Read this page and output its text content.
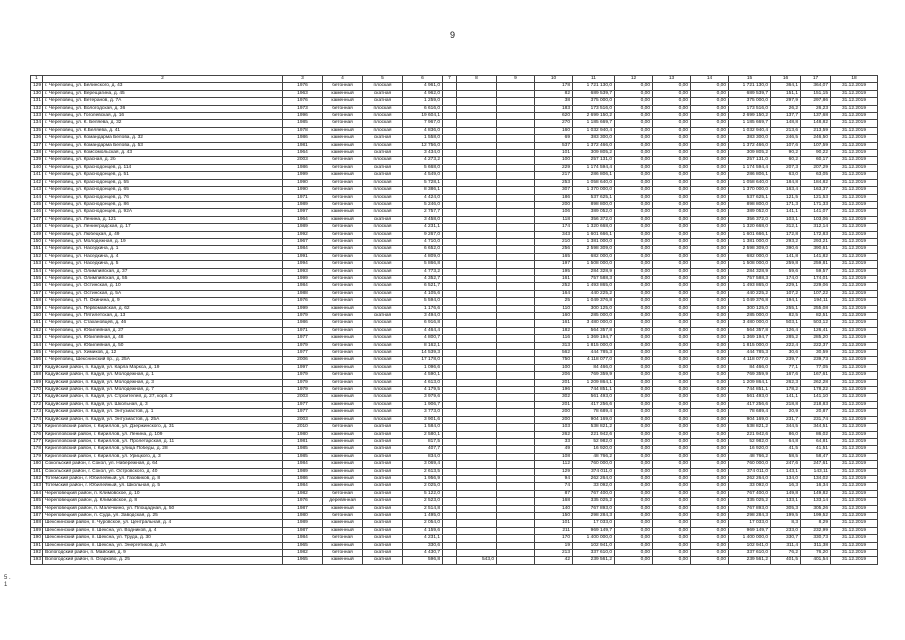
9
1	2	3	4	5	6	7	8	9	10	11	12	13	14	15	16	17	18
129	г. Череповец, ул. Белинского, д. 43	1976	бетонная	плоская	4 961,0				178	1 721 130,0	0,00	0,00	0,00	1 721 130,0	364,1	364,07	31.12.2019
130	г. Череповец, ул. Верещагина, д. 45	1963	каменный	скатная	4 962,0				82	689 539,7	0,00	0,00	0,00	689 539,7	151,1	151,15	31.12.2019
131	г. Череповец, ул. Ветеранов, д. 7А	1976	каменный	скатная	1 259,0				38	375 000,0	0,00	0,00	0,00	375 000,0	297,9	297,86	31.12.2019
132	г. Череповец, ул. Вологодская, д. 36	1973	бетонная	плоская	6 616,0				183	173 516,0	0,00	0,00	0,00	173 516,0	26,2	26,23	31.12.2019
133	г. Череповец, ул. Гоголевская, д. 16	1996	бетонная	плоская	19 604,1				620	2 699 150,2	0,00	0,00	0,00	2 699 150,2	137,7	137,68	31.12.2019
134	г. Череповец, ул. К. Беляева, д. 32	1985	бетонная	плоская	7 967,0				270	1 185 669,7	0,00	0,00	0,00	1 185 669,7	148,8	148,82	31.12.2019
135	г. Череповец, ул. К.Беляева, д. 41	1978	каменный	плоская	4 836,0				160	1 032 940,4	0,00	0,00	0,00	1 032 940,4	213,6	213,59	31.12.2019
136	г. Череповец, ул. Командарма Белова, д. 32	1986	каменный	скатная	1 558,0				69	383 300,0	0,00	0,00	0,00	383 300,0	246,5	246,50	31.12.2019
137	г. Череповец, ул. Командарма Белова, д. 53	1981	каменный	плоская	12 756,0				537	1 372 466,0	0,00	0,00	0,00	1 372 466,0	107,6	107,59	31.12.2019
138	г. Череповец, ул. Комсомольская, д. 43	1964	каменный	скатная	3 434,0				101	309 805,2	0,00	0,00	0,00	309 805,2	90,2	90,22	31.12.2019
139	г. Череповец, ул. Красная, д. 2б	2003	бетонная	плоская	4 273,2				100	257 131,0	0,00	0,00	0,00	257 131,0	60,2	60,17	31.12.2019
140	г. Череповец, ул. Краснодонцев, д. 114	1986	бетонная	скатная	5 668,0				229	1 174 594,4	0,00	0,00	0,00	1 174 594,4	207,3	207,29	31.12.2019
141	г. Череповец, ул. Краснодонцев, д. 51	1999	каменный	скатная	4 549,0				217	286 806,1	0,00	0,00	0,00	286 806,1	63,0	63,05	31.12.2019
142	г. Череповец, ул. Краснодонцев, д. 55	1990	бетонная	плоская	5 728,1				253	1 058 640,0	0,00	0,00	0,00	1 058 640,0	184,8	184,82	31.12.2019
143	г. Череповец, ул. Краснодонцев, д. 65	1990	бетонная	плоская	8 386,1				307	1 370 000,0	0,00	0,00	0,00	1 370 000,0	163,4	163,37	31.12.2019
144	г. Череповец, ул. Краснодонцев, д. 76	1971	бетонная	плоская	4 424,0				186	537 625,1	0,00	0,00	0,00	537 625,1	121,5	121,53	31.12.2019
145	г. Череповец, ул. Краснодонцев, д. 86	1989	бетонная	плоская	5 246,0				200	898 800,0	0,00	0,00	0,00	898 800,0	171,3	171,33	31.12.2019
146	г. Череповец, ул. Краснодонцев, д. 92А	1997	каменный	плоская	2 757,7				106	389 052,0	0,00	0,00	0,00	389 052,0	141,1	141,07	31.12.2019
147	г. Череповец, ул. Ленина, д. 121	1964	каменный	скатная	3 458,0				118	356 372,0	0,00	0,00	0,00	356 372,0	103,1	103,06	31.12.2019
148	г. Череповец, ул. Ленинградская, д. 17	1989	бетонная	плоская	4 231,1				174	1 320 668,0	0,00	0,00	0,00	1 320 668,0	312,1	312,14	31.12.2019
149	г. Череповец, ул. Любецкая, д. 49	1992	бетонная	плоская	9 267,0				343	1 601 666,1	0,00	0,00	0,00	1 601 666,1	172,8	172,83	31.12.2019
150	г. Череповец, ул. Молодежная, д. 19	1967	бетонная	плоская	4 710,0				210	1 381 000,0	0,00	0,00	0,00	1 381 000,0	293,2	293,21	31.12.2019
151	г. Череповец, ул. Наседкина, д. 1	1984	бетонная	плоская	6 652,0				256	2 598 309,0	0,00	0,00	0,00	2 598 309,0	390,6	390,61	31.12.2019
152	г. Череповец, ул. Наседкина, д. 4	1991	бетонная	плоская	4 809,0				165	682 000,0	0,00	0,00	0,00	682 000,0	141,8	141,82	31.12.2019
153	г. Череповец, ул. Наседкина, д. 5	1994	бетонная	плоская	5 866,8				197	1 508 000,0	0,00	0,00	0,00	1 508 000,0	259,8	259,81	31.12.2019
154	г. Череповец, ул. Олимпийская, д. 37	1993	бетонная	плоская	4 773,2				195	284 328,9	0,00	0,00	0,00	284 328,9	59,6	59,57	31.12.2019
155	г. Череповец, ул. Олимпийская, д. 55	1999	бетонная	плоская	4 352,7				161	757 588,3	0,00	0,00	0,00	757 588,3	174,0	174,01	31.12.2019
156	г. Череповец, ул. Остинская, д. 10	1984	бетонная	плоская	6 521,7				252	1 493 865,0	0,00	0,00	0,00	1 493 865,0	229,1	229,06	31.12.2019
157	г. Череповец, ул. Остинская, д. 5А	1988	бетонная	плоская	4 105,6				164	440 225,2	0,00	0,00	0,00	440 225,2	107,2	107,22	31.12.2019
158	г. Череповец, ул. П. Окинина, д. 9	1976	бетонная	плоская	5 594,0				25	1 049 376,8	0,00	0,00	0,00	1 049 376,8	194,1	194,11	31.12.2019
159	г. Череповец, ул. Первомайская, д. 62	1999	каменный	плоская	1 176,6				110	300 125,0	0,00	0,00	0,00	300 125,0	255,1	255,08	31.12.2019
160	г. Череповец, ул. Пятилетская, д. 13	1979	бетонная	скатная	3 494,0				160	285 000,0	0,00	0,00	0,00	285 000,0	82,5	82,51	31.12.2019
161	г. Череповец, ул. Стахановцев, д. 46	1986	бетонная	плоская	6 916,8				161	3 480 000,0	0,00	0,00	0,00	3 480 000,0	503,1	503,12	31.12.2019
162	г. Череповец, ул. Юбилейная, д. 27	1971	бетонная	плоская	4 464,4				182	564 357,8	0,00	0,00	0,00	564 357,8	126,4	126,41	31.12.2019
163	г. Череповец, ул. Юбилейная, д. 48	1977	каменный	плоская	4 800,7				116	1 369 194,7	0,00	0,00	0,00	1 369 194,7	285,2	285,20	31.12.2019
164	г. Череповец, ул. Юбилейная, д. 50	1979	бетонная	плоская	8 162,1				313	1 815 000,0	0,00	0,00	0,00	1 815 000,0	222,4	222,37	31.12.2019
165	г. Череповец, ул. Химиков, д. 12	1977	бетонная	плоская	14 539,3				562	444 785,3	0,00	0,00	0,00	444 785,3	30,6	30,59	31.12.2019
166	г. Череповец, Шекснинский пр., д. 25А	2006	каменный	плоская	17 178,0				750	4 118 077,0	0,00	0,00	0,00	4 118 077,0	239,7	239,73	31.12.2019
167	Кадуйский район, п. Кадуй, ул. Карла Маркса, д. 19	1997	каменный	плоская	1 096,6				100	84 466,0	0,00	0,00	0,00	84 466,0	77,1	77,05	31.12.2019
168	Кадуйский район, п. Кадуй, ул. Молодежная, д. 1	1979	бетонная	плоская	4 590,1				206	769 359,9	0,00	0,00	0,00	769 359,9	167,6	167,61	31.12.2019
169	Кадуйский район, п. Кадуй, ул. Молодежная, д. 3	1979	бетонная	плоская	4 613,0				201	1 209 864,1	0,00	0,00	0,00	1 209 864,1	262,3	262,28	31.12.2019
170	Кадуйский район, п. Кадуй, ул. Молодежная, д. 7	1979	бетонная	плоская	4 179,5				196	744 851,1	0,00	0,00	0,00	744 851,1	178,2	178,22	31.12.2019
171	Кадуйский район, п. Кадуй, ул. Строителей, д. 27, корп. 2	2003	каменный	плоская	3 979,6				302	561 493,0	0,00	0,00	0,00	561 493,0	141,1	141,10	31.12.2019
172	Кадуйский район, п. Кадуй, ул. Школьная, д. 3	1977	каменный	плоская	1 906,7				201	417 256,6	0,00	0,00	0,00	417 256,6	218,8	218,83	31.12.2019
173	Кадуйский район, п. Кадуй, ул. Энтузиастов, д. 1	1977	каменный	плоская	3 773,0				200	78 689,4	0,00	0,00	0,00	78 689,4	20,9	20,87	31.12.2019
174	Кадуйский район, п. Кадуй, ул. Энтузиастов, д. 25А	2003	каменный	плоская	3 901,6				200	904 169,0	0,00	0,00	0,00	904 169,0	231,7	231,74	31.12.2019
175	Кирилловский район, г. Кириллов, ул. Дзержинского, д. 31	2010	бетонная	скатная	1 584,0				103	538 821,2	0,00	0,00	0,00	538 821,2	344,5	344,51	31.12.2019
176	Кирилловский район, г. Кириллов, ул. Ленина, д. 109	1980	каменный	скатная	2 580,1				262	221 942,6	0,00	0,00	0,00	221 942,6	86,0	86,02	31.12.2019
177	Кирилловский район, г. Кириллов, ул. Пролетарская, д. 11	1981	каменный	скатная	817,5				33	52 982,0	0,00	0,00	0,00	52 982,0	64,8	64,81	31.12.2019
178	Кирилловский район, г. Кириллов, улица Победы, д. 28	1985	каменный	скатная	407,7				49	16 920,0	0,00	0,00	0,00	16 920,0	41,5	41,51	31.12.2019
179	Кирилловский район, г. Кириллов, ул. Урицкого, д. 3	1985	каменный	скатная	834,0				108	48 766,2	0,00	0,00	0,00	48 766,2	58,5	58,47	31.12.2019
180	Сокольский район, г. Сокол, ул. Набережная, д. 64	1984	каменный	скатная	3 069,4				112	760 000,0	0,00	0,00	0,00	760 000,0	247,6	247,61	31.12.2019
181	Сокольский район, г. Сокол, ул. Островского, д. 40	1989	каменный	скатная	2 613,5				129	374 011,0	0,00	0,00	0,00	374 011,0	143,1	143,11	31.12.2019
182	Тотемский район, г. Юбилейный, ул. Газовиков, д. 8	1986	каменный	скатная	1 956,9				94	262 264,0	0,00	0,00	0,00	262 264,0	134,0	134,02	31.12.2019
183	Тотемский район, г. Юбилейный, ул. Школьная, д. 5	1984	каменный	скатная	2 025,0				74	33 092,0	0,00	0,00	0,00	33 092,0	16,3	16,34	31.12.2019
184	Череповецкий район, п. Климовское, д. 10	1982	бетонная	скатная	5 122,0				87	767 400,0	0,00	0,00	0,00	767 400,0	149,8	149,82	31.12.2019
185	Череповецкий район, д. Климовское, д. 8	1976	деревянная	скатная	2 523,0				168	335 025,2	0,00	0,00	0,00	335 025,2	133,1	133,14	31.12.2019
186	Череповецкий район, п. Малечкино, ул. Площадная, д. 50	1987	каменный	скатная	2 514,8				140	767 893,0	0,00	0,00	0,00	767 893,0	305,3	305,26	31.12.2019
187	Череповецкий район, п. Суда, ул. Заводская, д. 25	1980	бетонная	скатная	1 495,0				150	298 284,3	0,00	0,00	0,00	298 284,3	199,5	199,52	31.12.2019
188	Шекснинский район, п. Чуровское, ул. Центральная, д. 4	1989	каменный	скатная	2 054,0				101	17 033,0	0,00	0,00	0,00	17 033,0	8,3	8,29	31.12.2019
189	Шекснинский район, п. Шексна, ул. Водников, д. 4	1987	каменный	скатная	4 159,6				211	969 149,7	0,00	0,00	0,00	969 149,7	233,0	232,99	31.12.2019
190	Шекснинский район, п. Шексна, ул. Труда, д. 30	1984	бетонная	скатная	4 231,1				170	1 400 000,0	0,00	0,00	0,00	1 400 000,0	330,7	330,73	31.12.2019
191	Шекснинский район, п. Шексна, ул. Энергетиков, д. 2А	1965	каменный	скатная	330,6				19	102 941,0	0,00	0,00	0,00	102 941,0	311,4	311,38	31.12.2019
192	Вологодский район, п. Майский, д. 9	1982	бетонная	скатная	4 430,7				213	337 610,0	0,00	0,00	0,00	337 610,0	76,2	76,20	31.12.2019
193	Вологодский район, п. Огарково, д. 25	1965	каменный	скатная	596,8		543,0		42	239 561,2	0,00	0,00	0,00	239 561,2	401,5	401,54	31.12.2019
5 .
1
